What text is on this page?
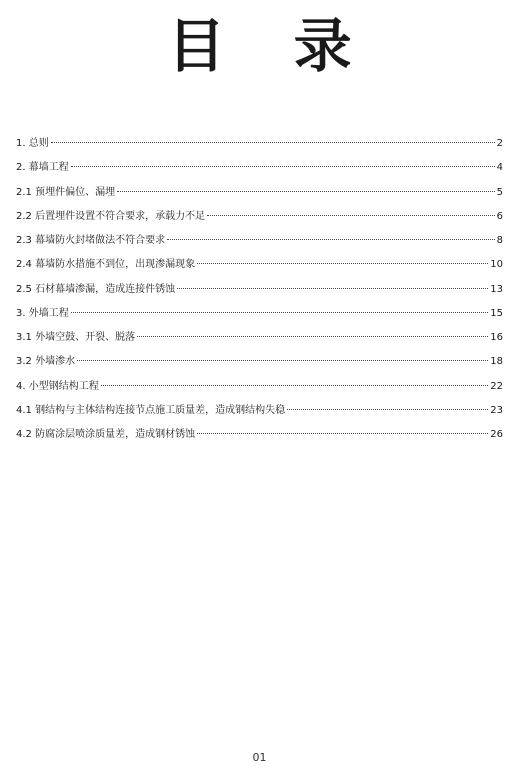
目 录
1. 总则	2
2. 幕墙工程	4
2.1 预埋件偏位、漏埋	5
2.2 后置埋件设置不符合要求，承载力不足	6
2.3 幕墙防火封堵做法不符合要求	8
2.4 幕墙防水措施不到位，出现渗漏现象	10
2.5 石材幕墙渗漏，造成连接件锈蚀	13
3. 外墙工程	15
3.1 外墙空鼓、开裂、脱落	16
3.2 外墙渗水	18
4. 小型钢结构工程	22
4.1 钢结构与主体结构连接节点施工质量差，造成钢结构失稳	23
4.2 防腐涂层喷涂质量差，造成钢材锈蚀	26
01
